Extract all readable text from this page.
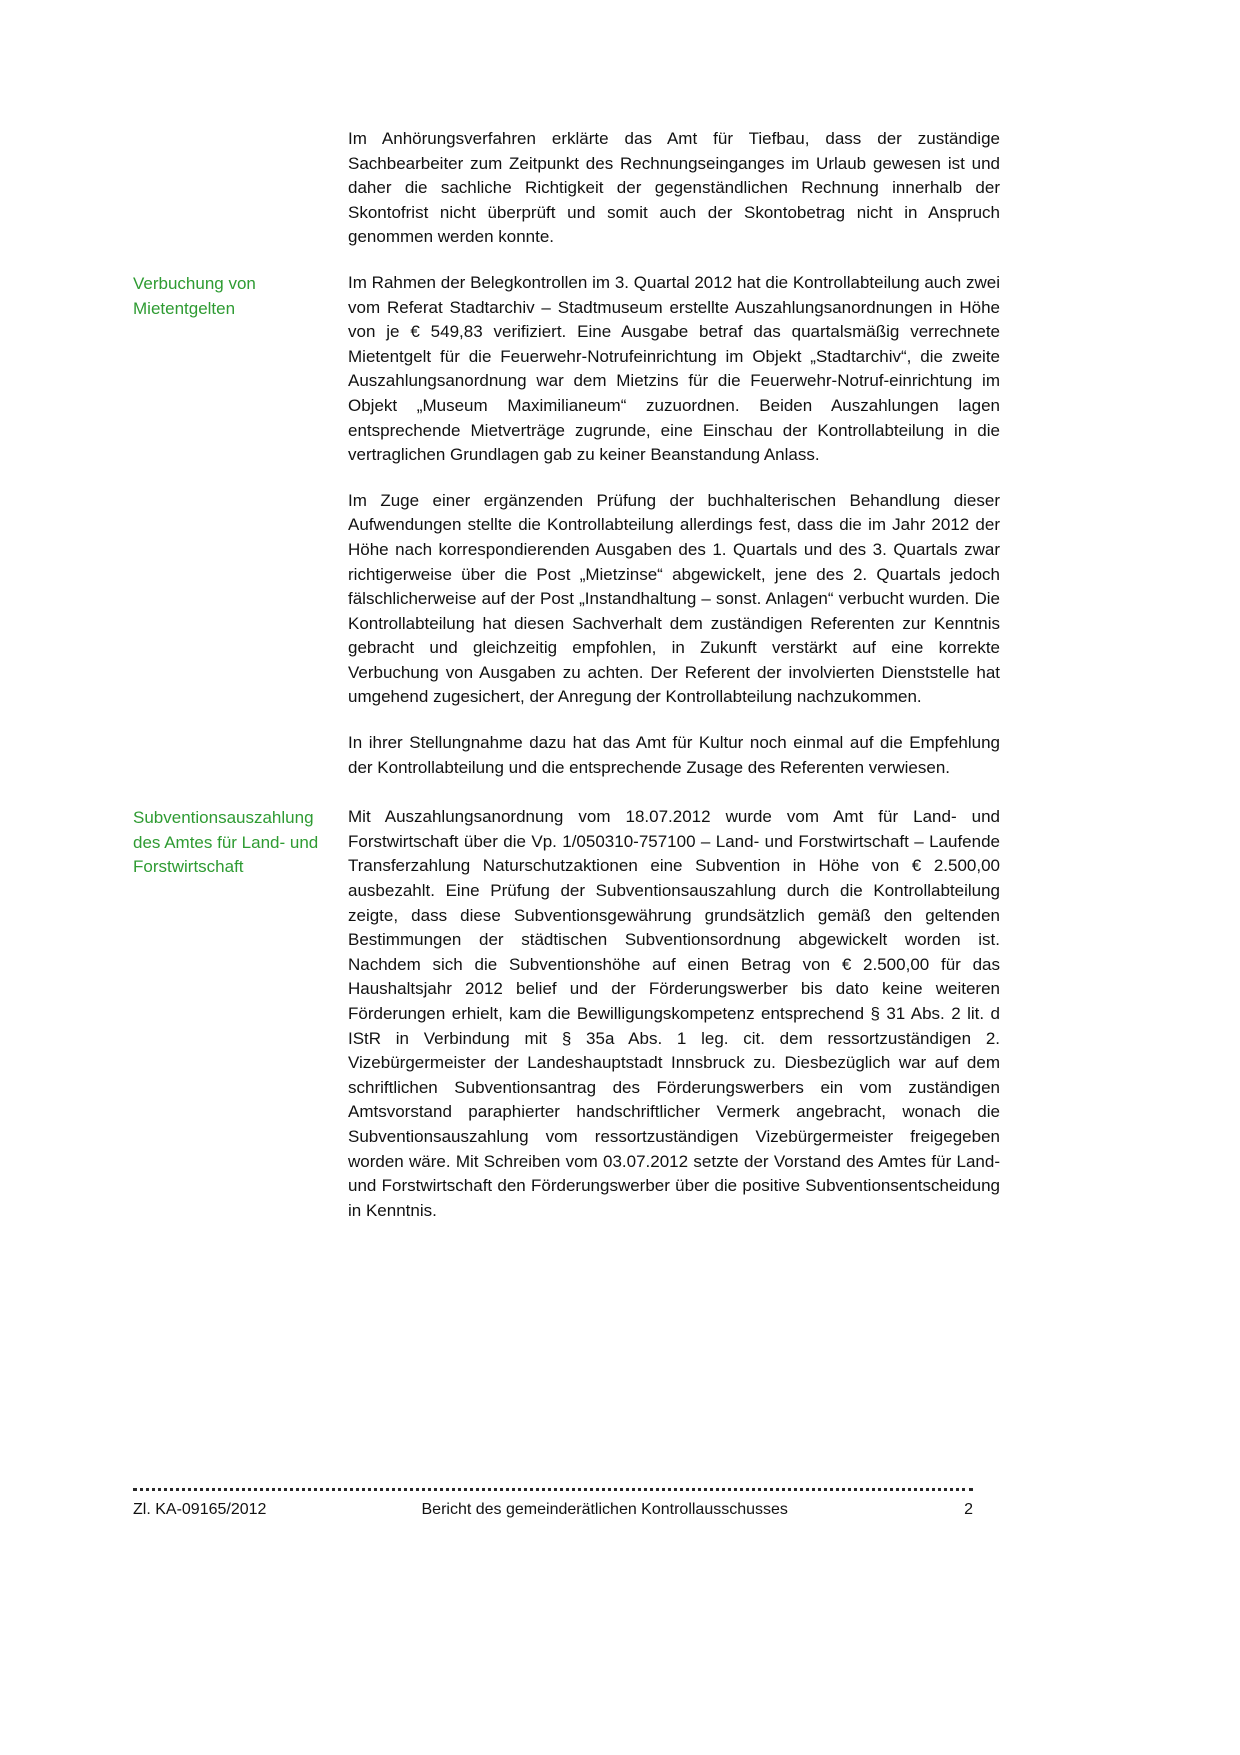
Im Anhörungsverfahren erklärte das Amt für Tiefbau, dass der zuständige Sachbearbeiter zum Zeitpunkt des Rechnungseinganges im Urlaub gewesen ist und daher die sachliche Richtigkeit der gegenständlichen Rechnung innerhalb der Skontofrist nicht überprüft und somit auch der Skontobetrag nicht in Anspruch genommen werden konnte.

Verbuchung von Mietentgelten

Im Rahmen der Belegkontrollen im 3. Quartal 2012 hat die Kontrollabteilung auch zwei vom Referat Stadtarchiv – Stadtmuseum erstellte Auszahlungsanordnungen in Höhe von je € 549,83 verifiziert. Eine Ausgabe betraf das quartalsmäßig verrechnete Mietentgelt für die Feuerwehr-Notrufeinrichtung im Objekt „Stadtarchiv“, die zweite Auszahlungsanordnung war dem Mietzins für die Feuerwehr-Notruf-einrichtung im Objekt „Museum Maximilianeum“ zuzuordnen. Beiden Auszahlungen lagen entsprechende Mietverträge zugrunde, eine Einschau der Kontrollabteilung in die vertraglichen Grundlagen gab zu keiner Beanstandung Anlass.

Im Zuge einer ergänzenden Prüfung der buchhalterischen Behandlung dieser Aufwendungen stellte die Kontrollabteilung allerdings fest, dass die im Jahr 2012 der Höhe nach korrespondierenden Ausgaben des 1. Quartals und des 3. Quartals zwar richtigerweise über die Post „Mietzinse“ abgewickelt, jene des 2. Quartals jedoch fälschlicherweise auf der Post „Instandhaltung – sonst. Anlagen“ verbucht wurden. Die Kontrollabteilung hat diesen Sachverhalt dem zuständigen Referenten zur Kenntnis gebracht und gleichzeitig empfohlen, in Zukunft verstärkt auf eine korrekte Verbuchung von Ausgaben zu achten. Der Referent der involvierten Dienststelle hat umgehend zugesichert, der Anregung der Kontrollabteilung nachzukommen.

In ihrer Stellungnahme dazu hat das Amt für Kultur noch einmal auf die Empfehlung der Kontrollabteilung und die entsprechende Zusage des Referenten verwiesen.

Subventionsauszahlung des Amtes für Land- und Forstwirtschaft

Mit Auszahlungsanordnung vom 18.07.2012 wurde vom Amt für Land- und Forstwirtschaft über die Vp. 1/050310-757100 – Land- und Forstwirtschaft – Laufende Transferzahlung Naturschutzaktionen eine Subvention in Höhe von € 2.500,00 ausbezahlt. Eine Prüfung der Subventionsauszahlung durch die Kontrollabteilung zeigte, dass diese Subventionsgewährung grundsätzlich gemäß den geltenden Bestimmungen der städtischen Subventionsordnung abgewickelt worden ist. Nachdem sich die Subventionshöhe auf einen Betrag von € 2.500,00 für das Haushaltsjahr 2012 belief und der Förderungswerber bis dato keine weiteren Förderungen erhielt, kam die Bewilligungskompetenz entsprechend § 31 Abs. 2 lit. d IStR in Verbindung mit § 35a Abs. 1 leg. cit. dem ressortzuständigen 2. Vizebürgermeister der Landeshauptstadt Innsbruck zu. Diesbezüglich war auf dem schriftlichen Subventionsantrag des Förderungswerbers ein vom zuständigen Amtsvorstand paraphierter handschriftlicher Vermerk angebracht, wonach die Subventionsauszahlung vom ressortzuständigen Vizebürgermeister freigegeben worden wäre. Mit Schreiben vom 03.07.2012 setzte der Vorstand des Amtes für Land- und Forstwirtschaft den Förderungswerber über die positive Subventionsentscheidung in Kenntnis.

Zl. KA-09165/2012	Bericht des gemeinderätlichen Kontrollausschusses	2
